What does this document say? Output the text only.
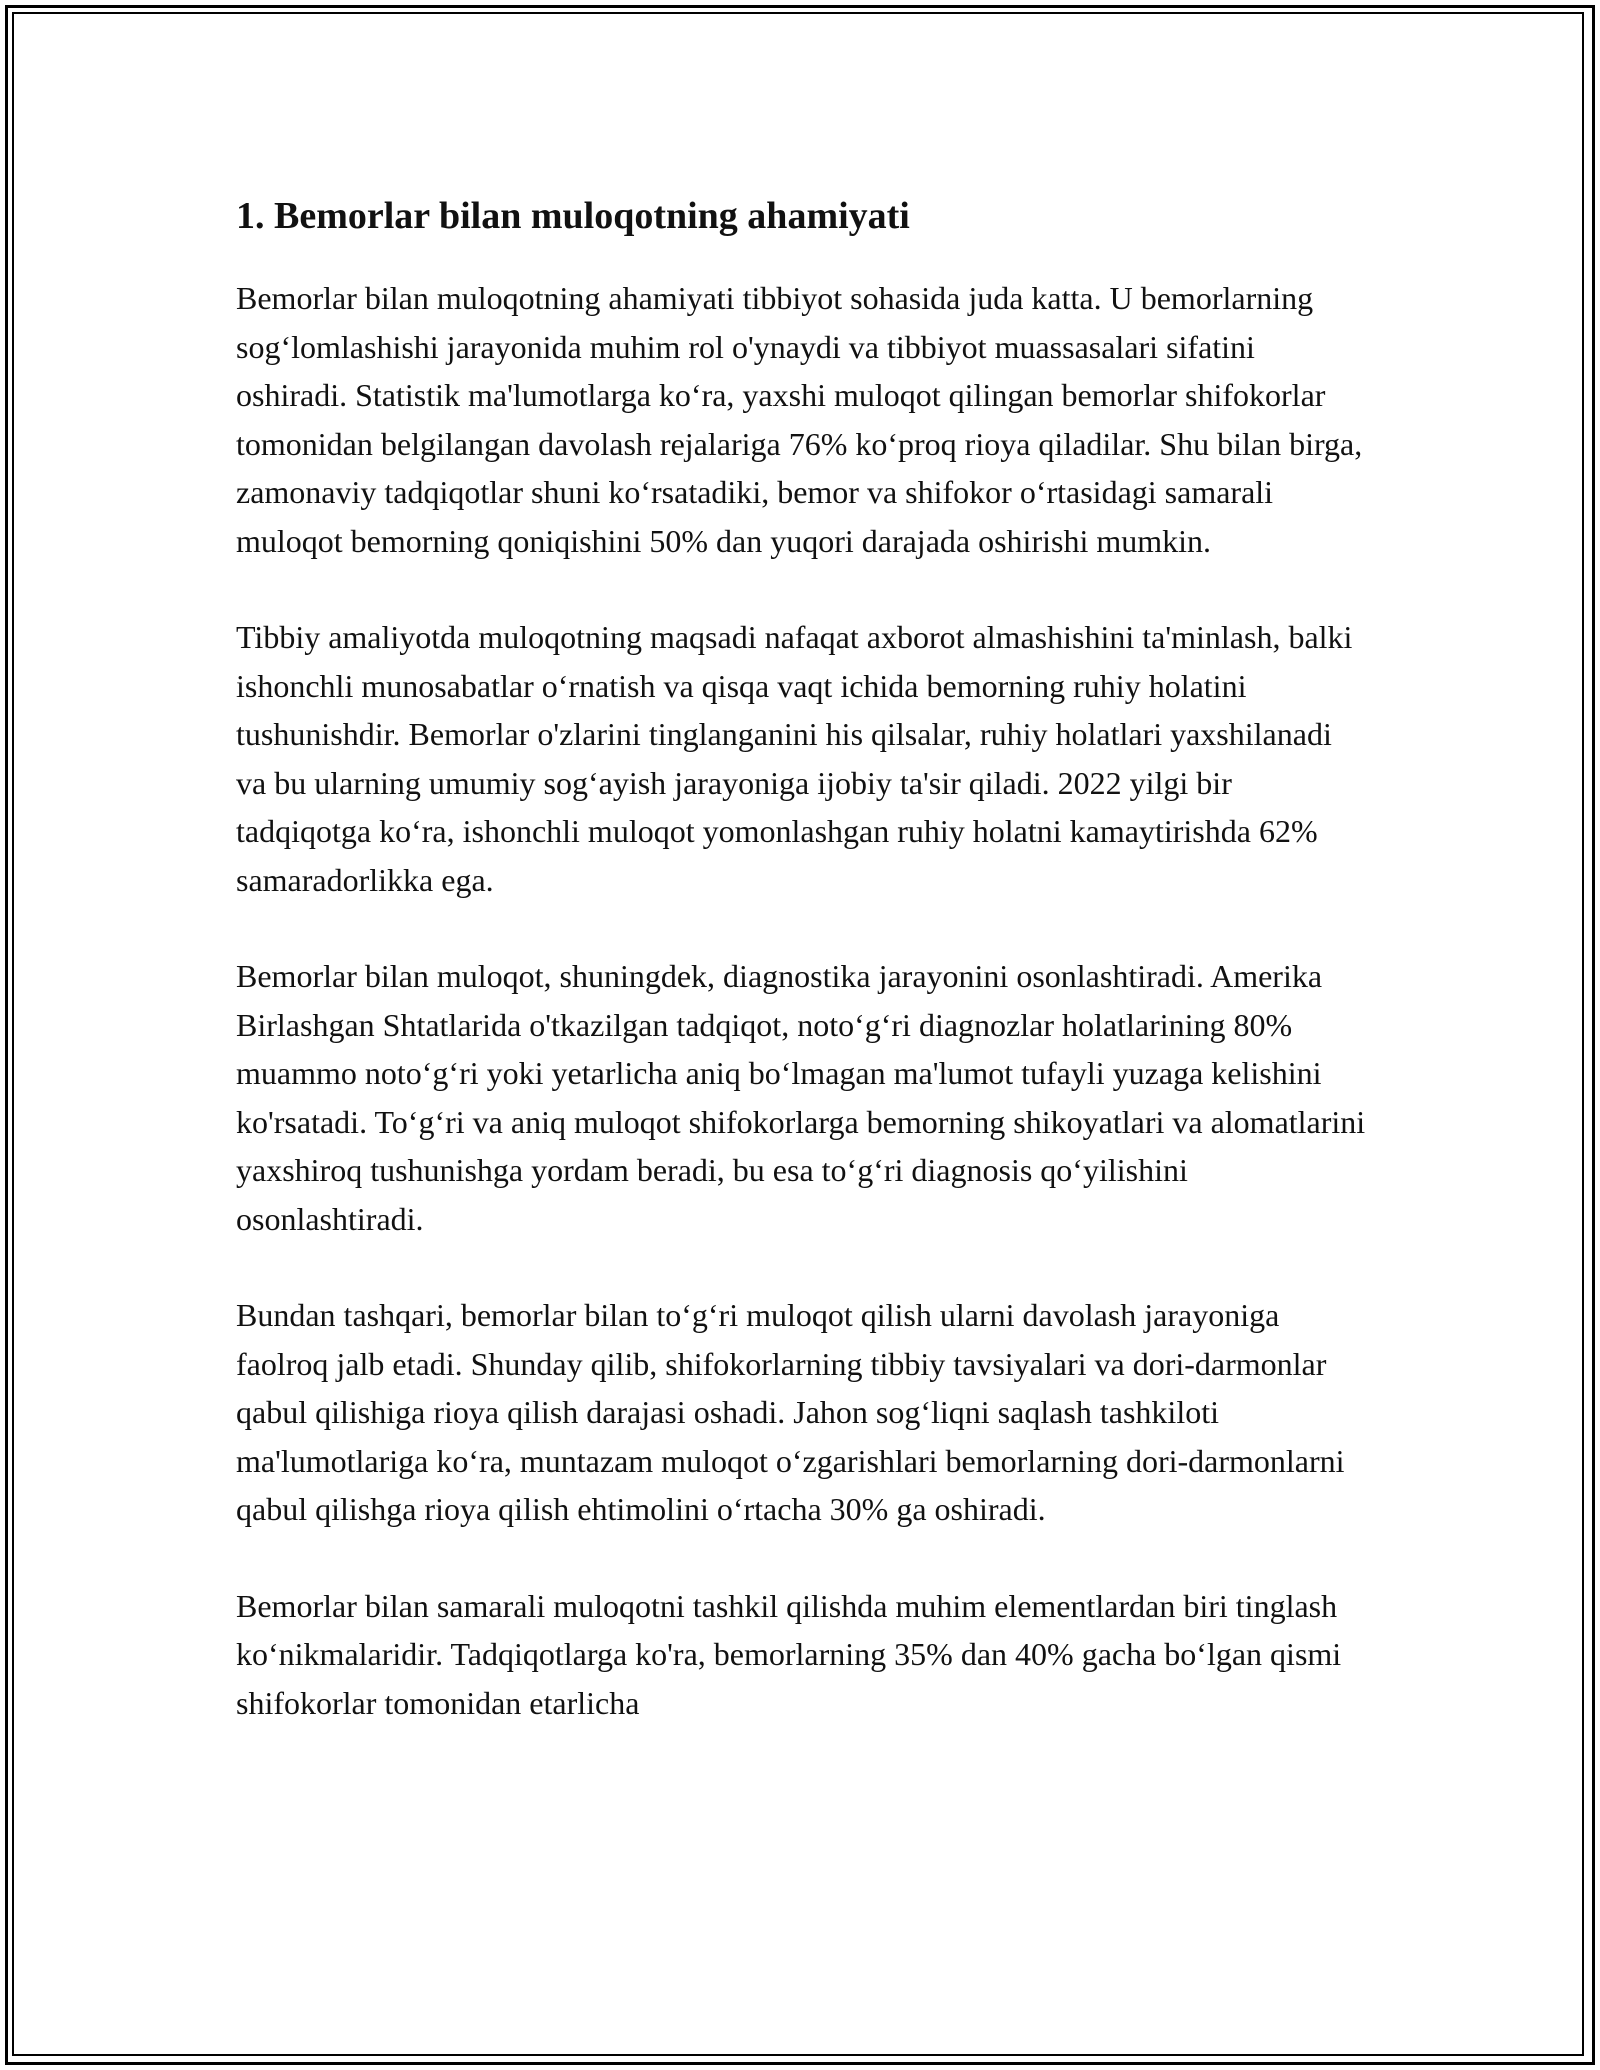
1. Bemorlar bilan muloqotning ahamiyati

Bemorlar bilan muloqotning ahamiyati tibbiyot sohasida juda katta. U bemorlarning sog‘lomlashishi jarayonida muhim rol o'ynaydi va tibbiyot muassasalari sifatini oshiradi. Statistik ma'lumotlarga ko‘ra, yaxshi muloqot qilingan bemorlar shifokorlar tomonidan belgilangan davolash rejalariga 76% ko‘proq rioya qiladilar. Shu bilan birga, zamonaviy tadqiqotlar shuni ko‘rsatadiki, bemor va shifokor o‘rtasidagi samarali muloqot bemorning qoniqishini 50% dan yuqori darajada oshirishi mumkin.

Tibbiy amaliyotda muloqotning maqsadi nafaqat axborot almashishini ta'minlash, balki ishonchli munosabatlar o‘rnatish va qisqa vaqt ichida bemorning ruhiy holatini tushunishdir. Bemorlar o'zlarini tinglanganini his qilsalar, ruhiy holatlari yaxshilanadi va bu ularning umumiy sog‘ayish jarayoniga ijobiy ta'sir qiladi. 2022 yilgi bir tadqiqotga ko‘ra, ishonchli muloqot yomonlashgan ruhiy holatni kamaytirishda 62% samaradorlikka ega.

Bemorlar bilan muloqot, shuningdek, diagnostika jarayonini osonlashtiradi. Amerika Birlashgan Shtatlarida o'tkazilgan tadqiqot, noto‘g‘ri diagnozlar holatlarining 80% muammo noto‘g‘ri yoki yetarlicha aniq bo‘lmagan ma'lumot tufayli yuzaga kelishini ko'rsatadi. To‘g‘ri va aniq muloqot shifokorlarga bemorning shikoyatlari va alomatlarini yaxshiroq tushunishga yordam beradi, bu esa to‘g‘ri diagnosis qo‘yilishini osonlashtiradi.

Bundan tashqari, bemorlar bilan to‘g‘ri muloqot qilish ularni davolash jarayoniga faolroq jalb etadi. Shunday qilib, shifokorlarning tibbiy tavsiyalari va dori-darmonlar qabul qilishiga rioya qilish darajasi oshadi. Jahon sog‘liqni saqlash tashkiloti ma'lumotlariga ko‘ra, muntazam muloqot o‘zgarishlari bemorlarning dori-darmonlarni qabul qilishga rioya qilish ehtimolini o‘rtacha 30% ga oshiradi.

Bemorlar bilan samarali muloqotni tashkil qilishda muhim elementlardan biri tinglash ko‘nikmalaridir. Tadqiqotlarga ko'ra, bemorlarning 35% dan 40% gacha bo‘lgan qismi shifokorlar tomonidan etarlicha
